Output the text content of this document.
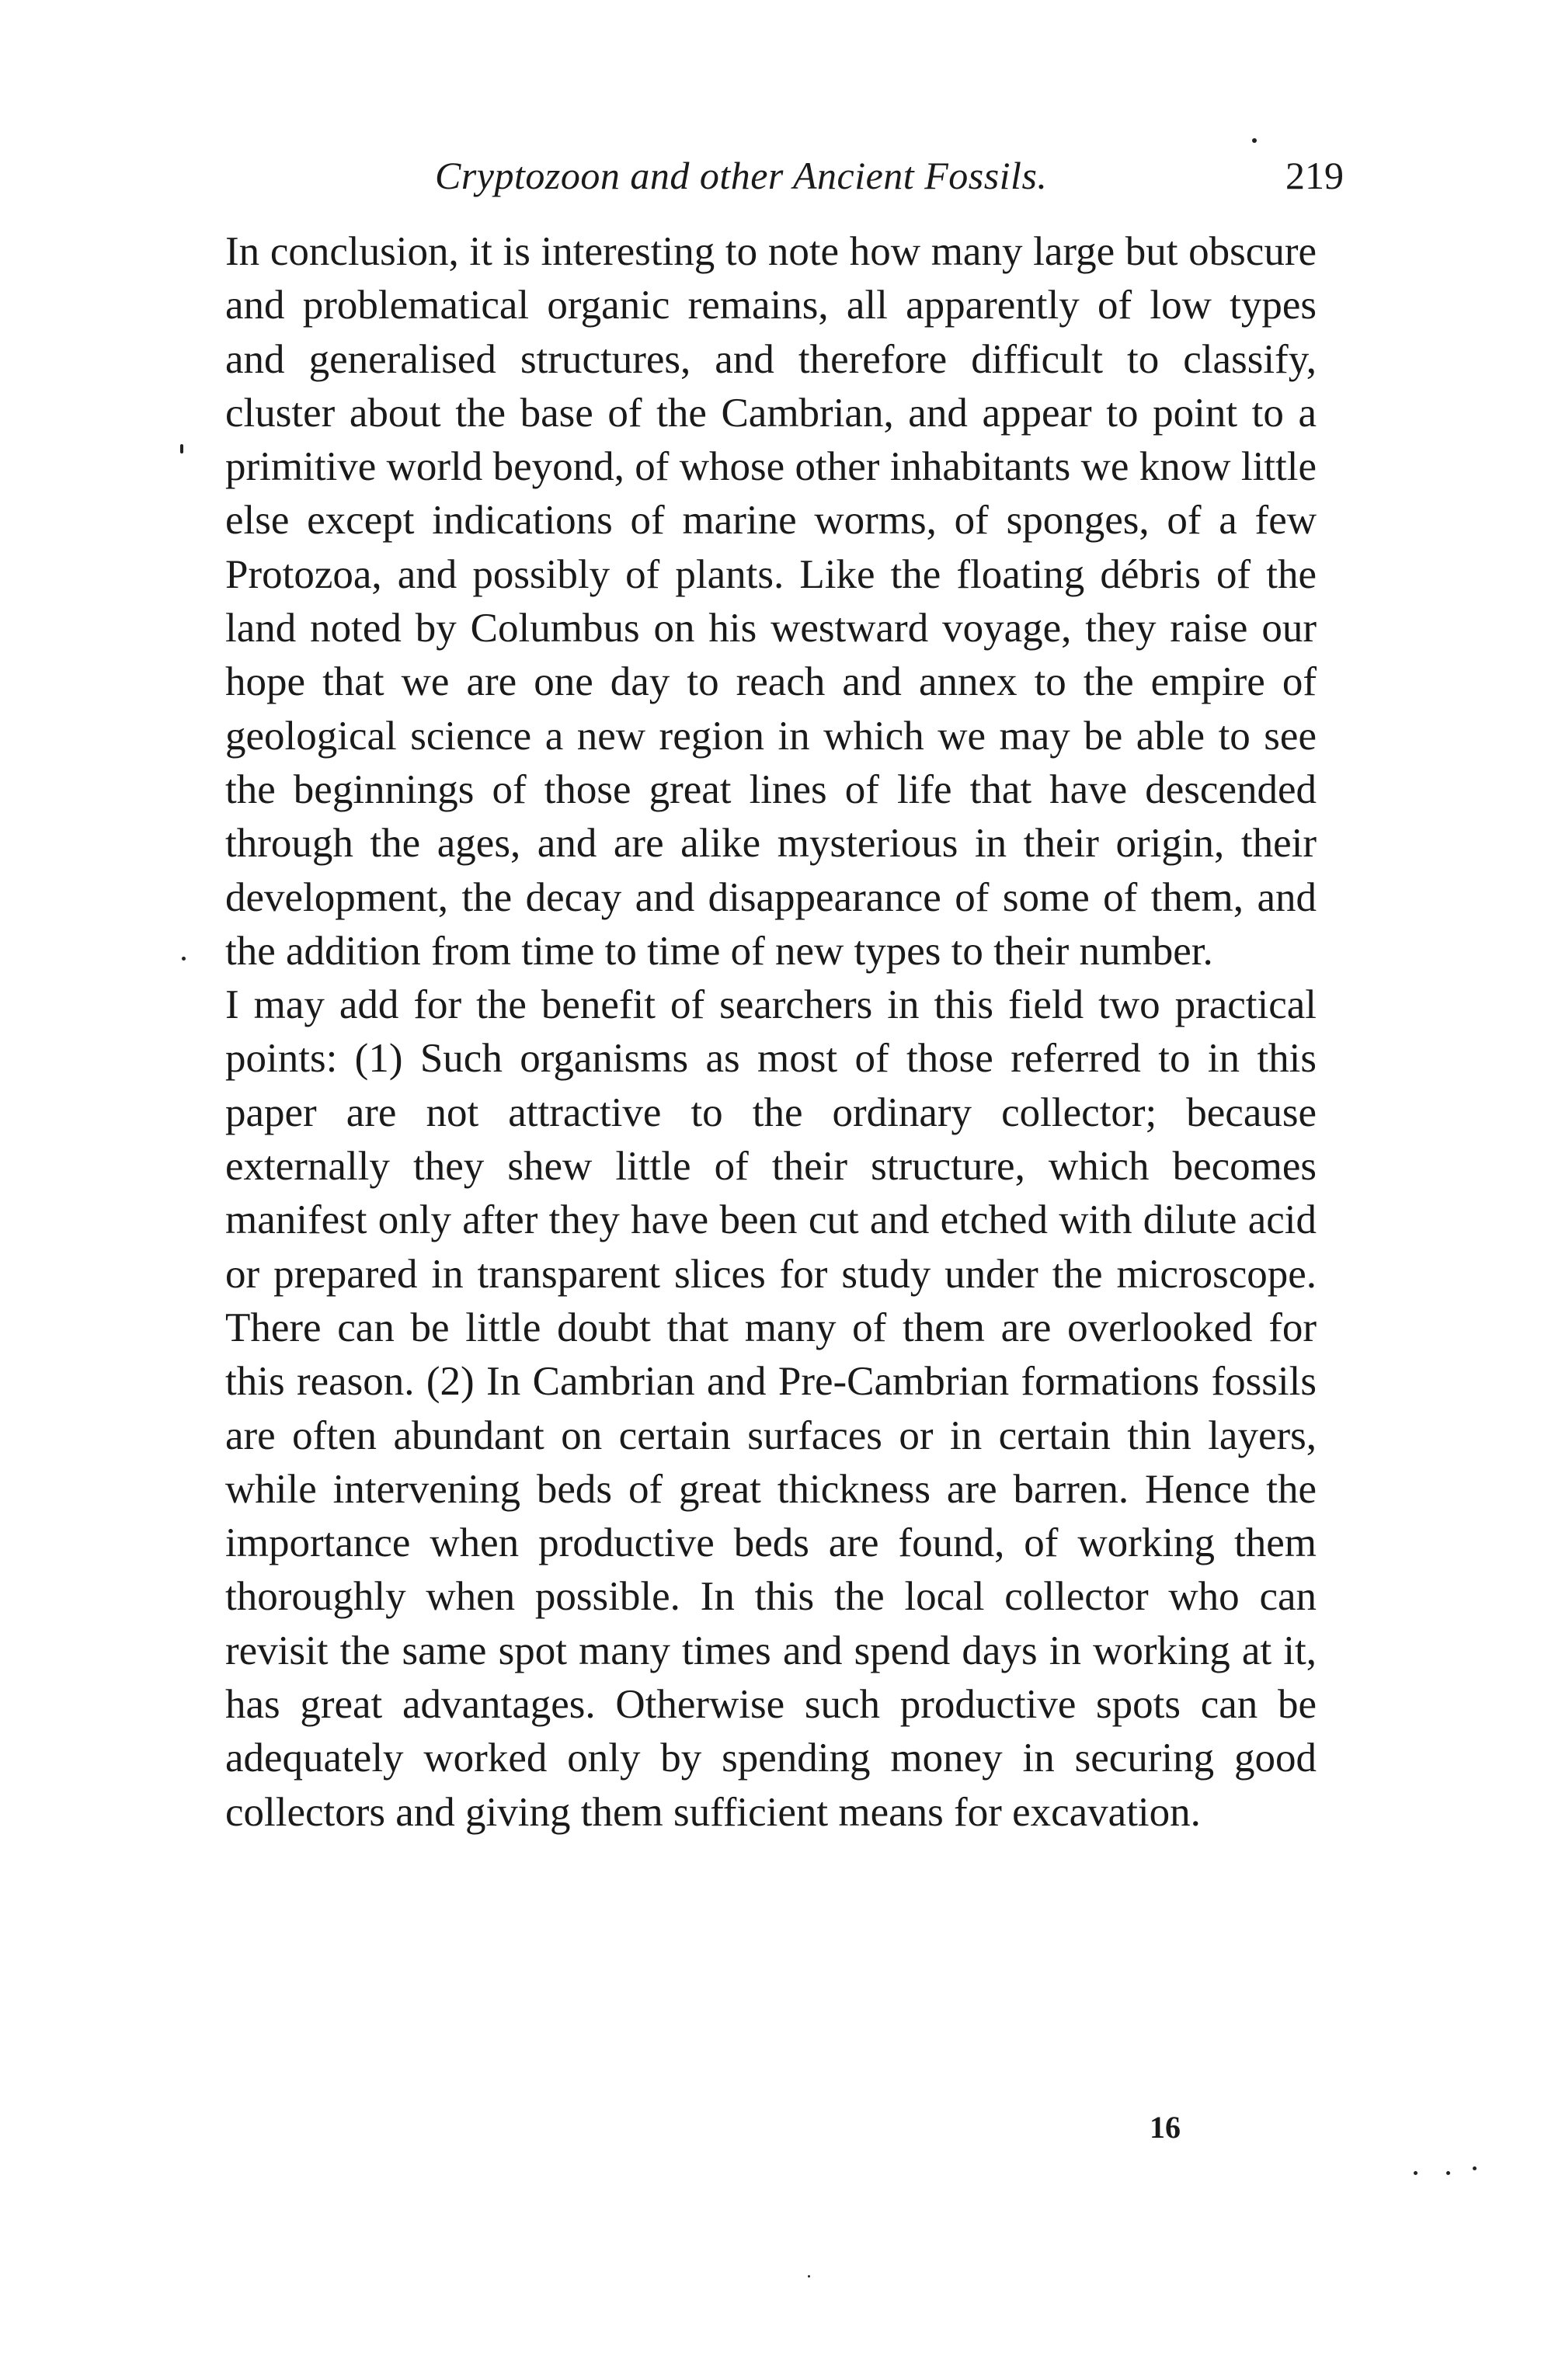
Cryptozoon and other Ancient Fossils.	219

In conclusion, it is interesting to note how many large but obscure and problematical organic remains, all apparently of low types and generalised structures, and therefore difficult to classify, cluster about the base of the Cambrian, and appear to point to a primitive world beyond, of whose other inhabitants we know little else except indications of marine worms, of sponges, of a few Protozoa, and possibly of plants. Like the floating débris of the land noted by Columbus on his westward voyage, they raise our hope that we are one day to reach and annex to the empire of geological science a new region in which we may be able to see the beginnings of those great lines of life that have descended through the ages, and are alike mysterious in their origin, their development, the decay and disappearance of some of them, and the addition from time to time of new types to their number.

I may add for the benefit of searchers in this field two practical points: (1) Such organisms as most of those referred to in this paper are not attractive to the ordinary collector; because externally they shew little of their structure, which becomes manifest only after they have been cut and etched with dilute acid or prepared in transparent slices for study under the microscope. There can be little doubt that many of them are overlooked for this reason. (2) In Cambrian and Pre-Cambrian formations fossils are often abundant on certain surfaces or in certain thin layers, while intervening beds of great thickness are barren. Hence the importance when productive beds are found, of working them thoroughly when possible. In this the local collector who can revisit the same spot many times and spend days in working at it, has great advantages. Otherwise such productive spots can be adequately worked only by spending money in securing good collectors and giving them sufficient means for excavation.

16
